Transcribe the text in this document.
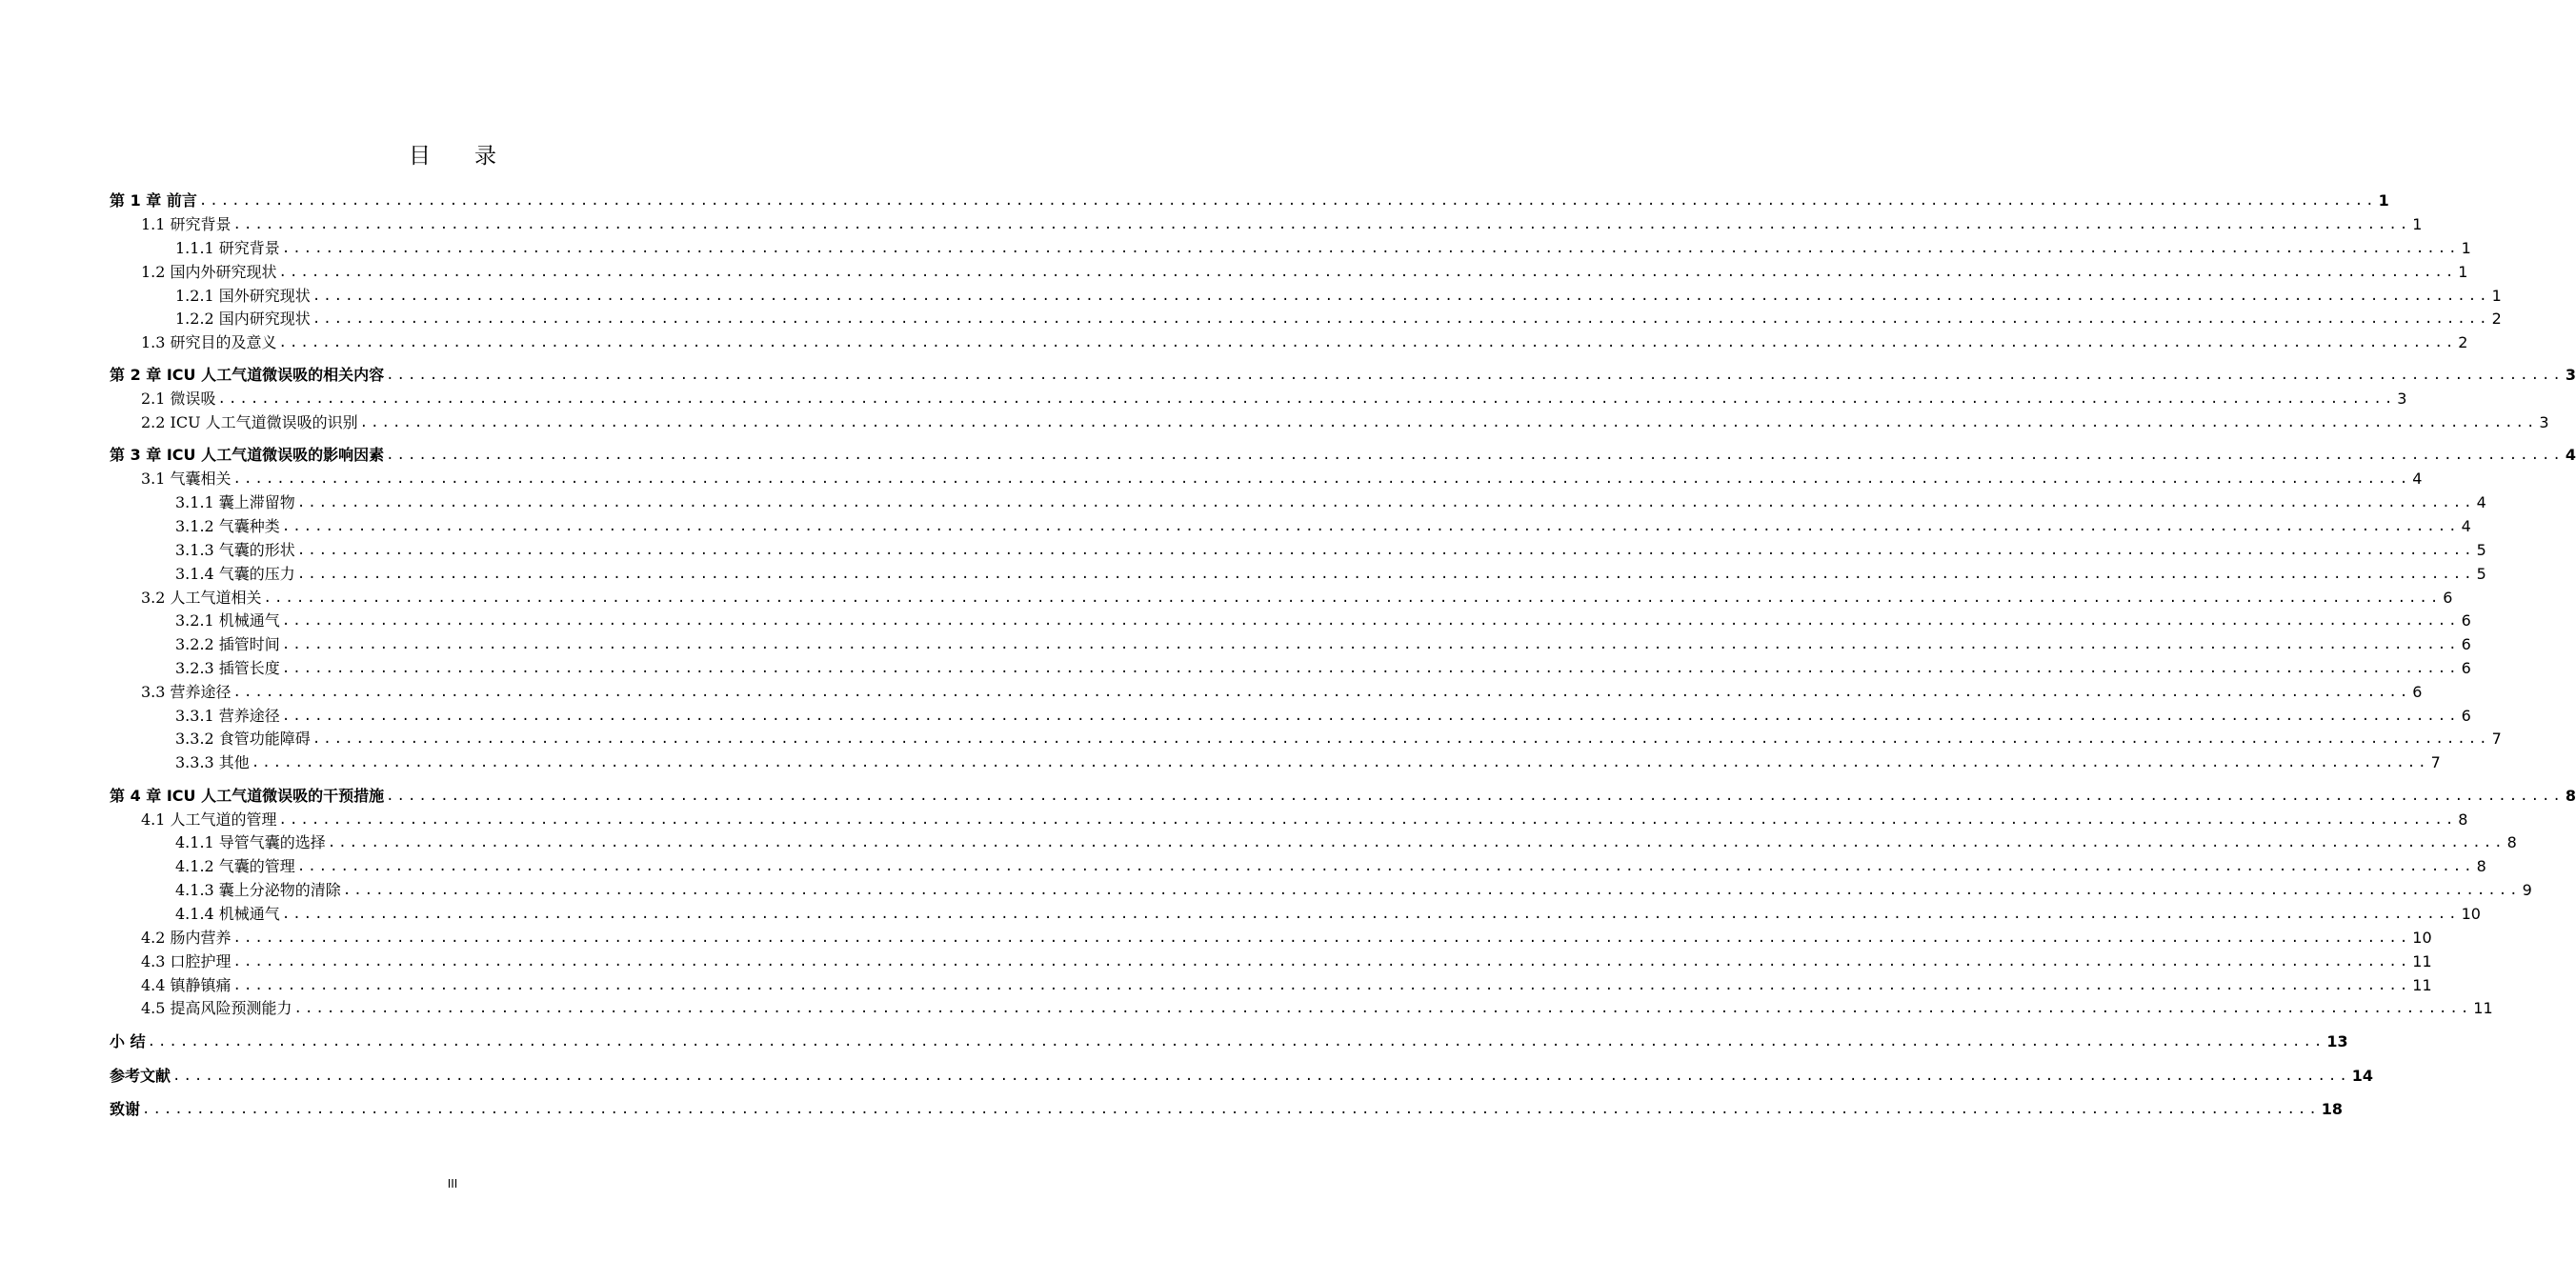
目 录
第 1 章 前言 ........................................................................................................................................................................................................ 1
1.1 研究背景 ........................................................................................................................................................................................................ 1
1.1.1 研究背景 ........................................................................................................................................................................................................ 1
1.2 国内外研究现状 ........................................................................................................................................................................................................ 1
1.2.1 国外研究现状 ........................................................................................................................................................................................................ 1
1.2.2 国内研究现状 ........................................................................................................................................................................................................ 2
1.3 研究目的及意义 ........................................................................................................................................................................................................ 2
第 2 章 ICU 人工气道微误吸的相关内容 ........................................................................................................................................................................................................ 3
2.1 微误吸 ........................................................................................................................................................................................................ 3
2.2 ICU 人工气道微误吸的识别 ........................................................................................................................................................................................................ 3
第 3 章 ICU 人工气道微误吸的影响因素 ........................................................................................................................................................................................................ 4
3.1 气囊相关 ........................................................................................................................................................................................................ 4
3.1.1 囊上滞留物 ........................................................................................................................................................................................................ 4
3.1.2 气囊种类 ........................................................................................................................................................................................................ 4
3.1.3 气囊的形状 ........................................................................................................................................................................................................ 5
3.1.4 气囊的压力 ........................................................................................................................................................................................................ 5
3.2 人工气道相关 ........................................................................................................................................................................................................ 6
3.2.1 机械通气 ........................................................................................................................................................................................................ 6
3.2.2 插管时间 ........................................................................................................................................................................................................ 6
3.2.3 插管长度 ........................................................................................................................................................................................................ 6
3.3 营养途径 ........................................................................................................................................................................................................ 6
3.3.1 营养途径 ........................................................................................................................................................................................................ 6
3.3.2 食管功能障碍 ........................................................................................................................................................................................................ 7
3.3.3 其他 ........................................................................................................................................................................................................ 7
第 4 章 ICU 人工气道微误吸的干预措施 ........................................................................................................................................................................................................ 8
4.1 人工气道的管理 ........................................................................................................................................................................................................ 8
4.1.1 导管气囊的选择 ........................................................................................................................................................................................................ 8
4.1.2 气囊的管理 ........................................................................................................................................................................................................ 8
4.1.3 囊上分泌物的清除 ........................................................................................................................................................................................................ 9
4.1.4 机械通气 ........................................................................................................................................................................................................ 10
4.2 肠内营养 ........................................................................................................................................................................................................ 10
4.3 口腔护理 ........................................................................................................................................................................................................ 11
4.4 镇静镇痛 ........................................................................................................................................................................................................ 11
4.5 提高风险预测能力 ........................................................................................................................................................................................................ 11
小 结 ........................................................................................................................................................................................................ 13
参考文献 ........................................................................................................................................................................................................ 14
致谢 ........................................................................................................................................................................................................ 18
III
